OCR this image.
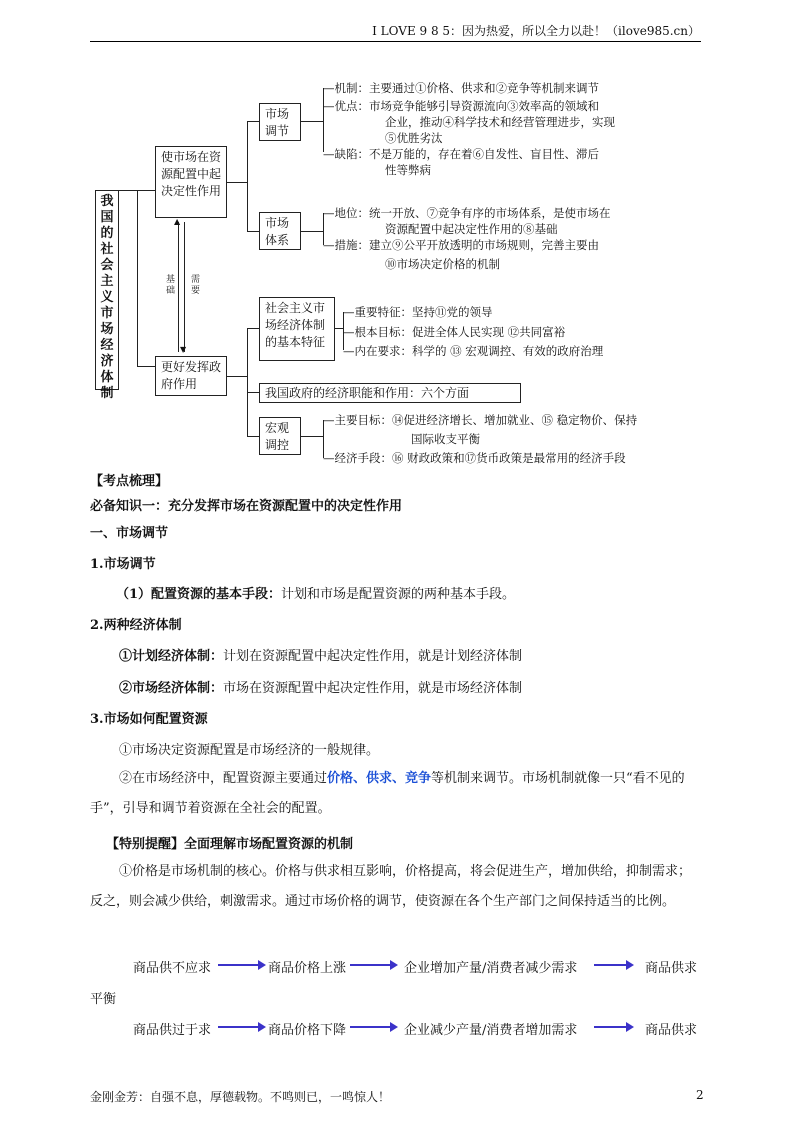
I LOVE 9 8 5：因为热爱，所以全力以赴！（ilove985.cn）
我国的社会主义市场经济体制
使市场在资源配置中起决定性作用
更好发挥政府作用
▲
▼
基础
需要
市场调节
市场体系
—机制：主要通过①价格、供求和②竞争等机制来调节
—优点：市场竞争能够引导资源流向③效率高的领域和
企业，推动④科学技术和经营管理进步，实现
⑤优胜劣汰
—缺陷：不是万能的，存在着⑥自发性、盲目性、滞后
性等弊病
—地位：统一开放、⑦竞争有序的市场体系，是使市场在
资源配置中起决定性作用的⑧基础
—措施：建立⑨公平开放透明的市场规则，完善主要由
⑩市场决定价格的机制
社会主义市场经济体制的基本特征
我国政府的经济职能和作用：六个方面
宏观调控
—重要特征：坚持⑪党的领导
—根本目标：促进全体人民实现 ⑫共同富裕
—内在要求：科学的 ⑬ 宏观调控、有效的政府治理
—主要目标：⑭促进经济增长、增加就业、⑮ 稳定物价、保持
国际收支平衡
—经济手段：⑯ 财政政策和⑰货币政策是最常用的经济手段
【考点梳理】
必备知识一：充分发挥市场在资源配置中的决定性作用
一、市场调节
1.市场调节
（1）配置资源的基本手段：计划和市场是配置资源的两种基本手段。
2.两种经济体制
①计划经济体制：计划在资源配置中起决定性作用，就是计划经济体制
②市场经济体制：市场在资源配置中起决定性作用，就是市场经济体制
3.市场如何配置资源
①市场决定资源配置是市场经济的一般规律。
②在市场经济中，配置资源主要通过价格、供求、竞争等机制来调节。市场机制就像一只“看不见的手”，引导和调节着资源在全社会的配置。
【特别提醒】全面理解市场配置资源的机制
①价格是市场机制的核心。价格与供求相互影响，价格提高，将会促进生产，增加供给，抑制需求；反之，则会减少供给，刺激需求。通过市场价格的调节，使资源在各个生产部门之间保持适当的比例。
商品供不应求	商品价格上涨	企业增加产量/消费者减少需求	商品供求
平衡
商品供过于求	商品价格下降	企业减少产量/消费者增加需求	商品供求
金刚金芳：自强不息，厚德载物。不鸣则已，一鸣惊人！	2
